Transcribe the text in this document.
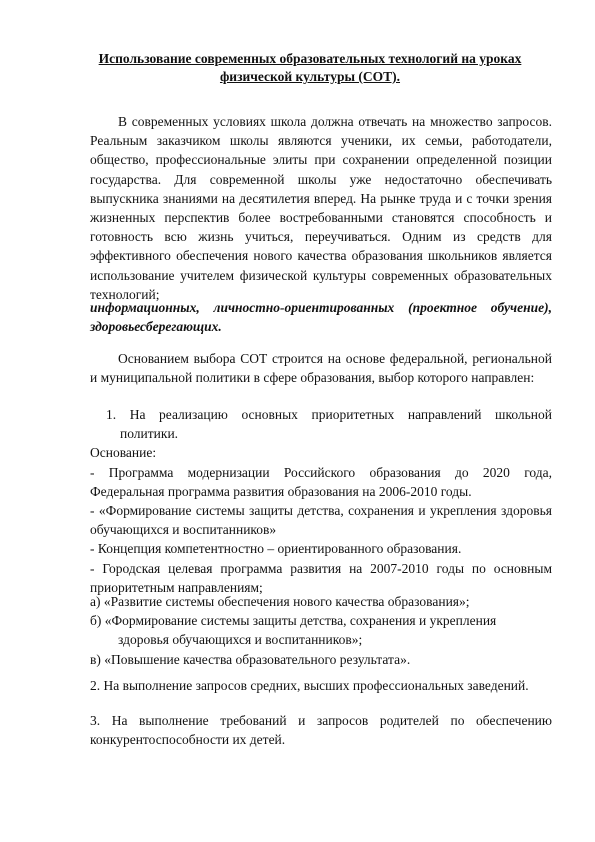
Использование современных образовательных технологий на уроках
физической культуры (СОТ).

В современных условиях школа должна отвечать на множество запросов. Реальным заказчиком школы являются ученики, их семьи, работодатели, общество, профессиональные элиты при сохранении определенной позиции государства. Для современной школы уже недостаточно обеспечивать выпускника знаниями на десятилетия вперед. На рынке труда и с точки зрения жизненных перспектив более востребованными становятся способность и готовность всю жизнь учиться, переучиваться. Одним из средств для эффективного обеспечения нового качества образования школьников является использование учителем физической культуры современных образовательных технологий;

информационных, личностно-ориентированных (проектное обучение), здоровьесберегающих.

Основанием выбора СОТ строится на основе федеральной, региональной и муниципальной политики в сфере образования, выбор которого направлен:

1. На реализацию основных приоритетных направлений школьной политики.

Основание:

- Программа модернизации Российского образования до 2020 года, Федеральная программа развития образования на 2006-2010 годы.

- «Формирование системы защиты детства, сохранения и укрепления здоровья обучающихся и воспитанников»

- Концепция компетентностно – ориентированного образования.

- Городская целевая программа развития на 2007-2010 годы по основным приоритетным направлениям;

а) «Развитие системы обеспечения нового качества образования»;

б) «Формирование системы защиты детства, сохранения и укрепления

здоровья обучающихся и воспитанников»;

в) «Повышение качества образовательного результата».

2. На выполнение запросов средних, высших профессиональных заведений.

3. На выполнение требований и запросов родителей по обеспечению конкурентоспособности их детей.
